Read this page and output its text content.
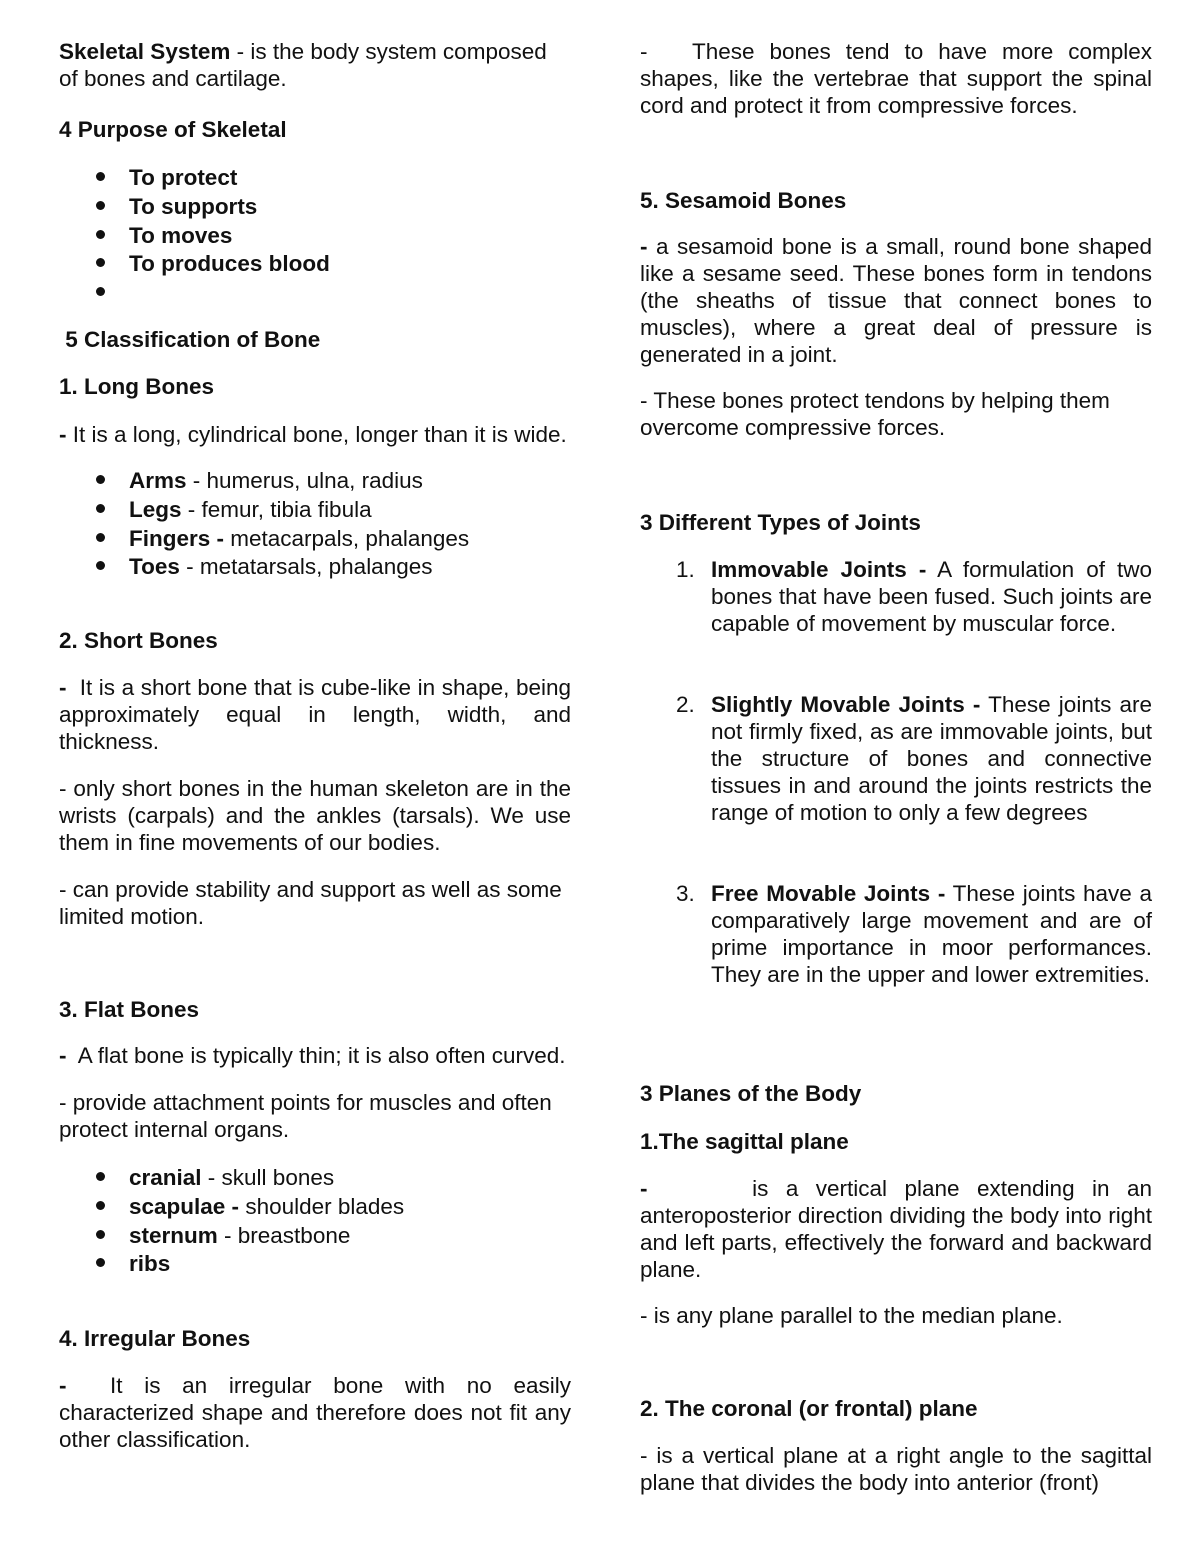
Skeletal System - is the body system composed of bones and cartilage.

4 Purpose of Skeletal

To protect
To supports
To moves
To produces blood

5 Classification of Bone

1. Long Bones

- It is a long, cylindrical bone, longer than it is wide.

Arms - humerus, ulna, radius
Legs - femur, tibia fibula
Fingers - metacarpals, phalanges
Toes - metatarsals, phalanges

2. Short Bones

-  It is a short bone that is cube-like in shape, being approximately equal in length, width, and thickness.

- only short bones in the human skeleton are in the wrists (carpals) and the ankles (tarsals). We use them in fine movements of our bodies.

- can provide stability and support as well as some limited motion.

3. Flat Bones

-  A flat bone is typically thin; it is also often curved.

- provide attachment points for muscles and often protect internal organs.

cranial - skull bones
scapulae - shoulder blades
sternum - breastbone
ribs

4. Irregular Bones

-  It is an irregular bone with no easily characterized shape and therefore does not fit any other classification.

-   These bones tend to have more complex shapes, like the vertebrae that support the spinal cord and protect it from compressive forces.

5. Sesamoid Bones

- a sesamoid bone is a small, round bone shaped like a sesame seed. These bones form in tendons (the sheaths of tissue that connect bones to muscles), where a great deal of pressure is generated in a joint.

- These bones protect tendons by helping them overcome compressive forces.

3 Different Types of Joints

1. Immovable Joints - A formulation of two bones that have been fused. Such joints are capable of movement by muscular force.
2. Slightly Movable Joints - These joints are not firmly fixed, as are immovable joints, but the structure of bones and connective tissues in and around the joints restricts the range of motion to only a few degrees
3. Free Movable Joints - These joints have a comparatively large movement and are of prime importance in moor performances. They are in the upper and lower extremities.

3 Planes of the Body

1.The sagittal plane

-      is a vertical plane extending in an anteroposterior direction dividing the body into right and left parts, effectively the forward and backward plane.

- is any plane parallel to the median plane.

2. The coronal (or frontal) plane

- is a vertical plane at a right angle to the sagittal plane that divides the body into anterior (front)
